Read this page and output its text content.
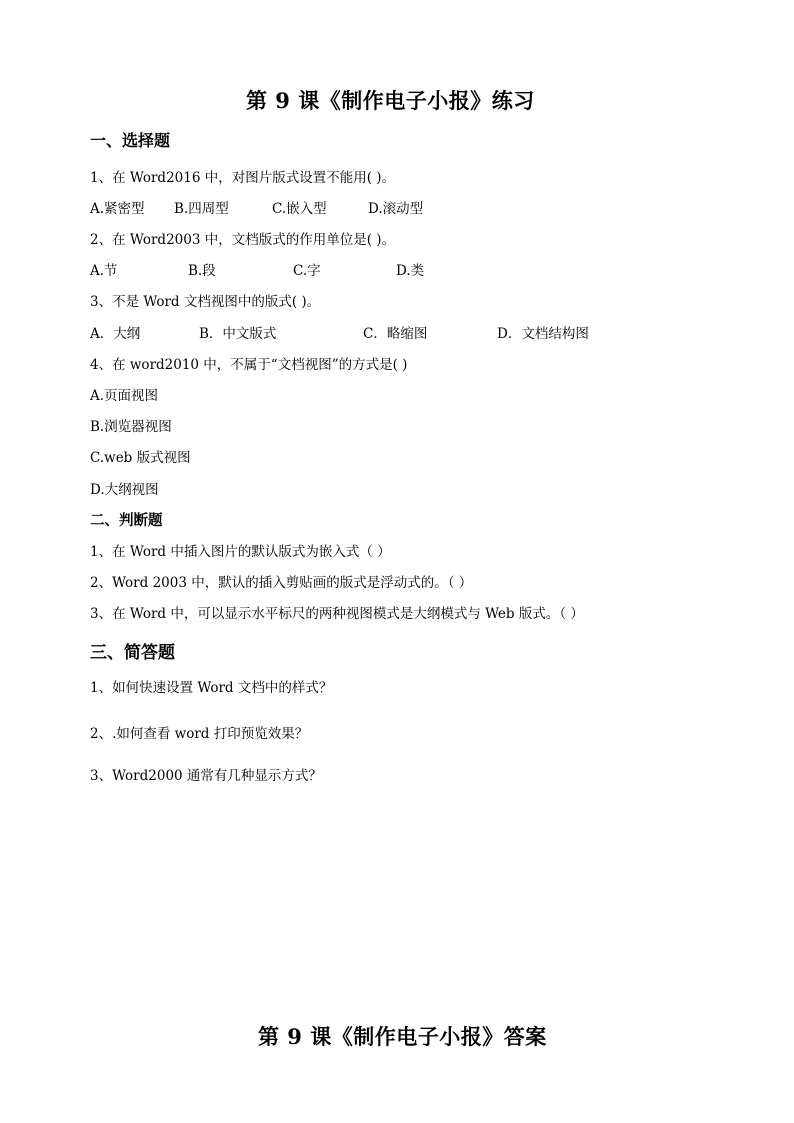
第 9 课《制作电子小报》练习
一、选择题
1、在 Word2016 中，对图片版式设置不能用( )。
A.紧密型 B.四周型	C.嵌入型	D.滚动型
2、在 Word2003 中，文档版式的作用单位是( )。
A.节	B.段	C.字	D.类
3、不是 Word 文档视图中的版式( )。
A．大纲	B．中文版式	C．略缩图	D．文档结构图
4、在 word2010 中，不属于“文档视图”的方式是( )
A.页面视图
B.浏览器视图
C.web 版式视图
D.大纲视图
二、判断题
1、在 Word 中插入图片的默认版式为嵌入式（ ）
2、Word 2003 中，默认的插入剪贴画的版式是浮动式的。（ ）
3、在 Word 中，可以显示水平标尺的两种视图模式是大纲模式与 Web 版式。（ ）
三、简答题
1、如何快速设置 Word 文档中的样式？
2、.如何查看 word 打印预览效果？
3、Word2000 通常有几种显示方式？
第 9 课《制作电子小报》答案
